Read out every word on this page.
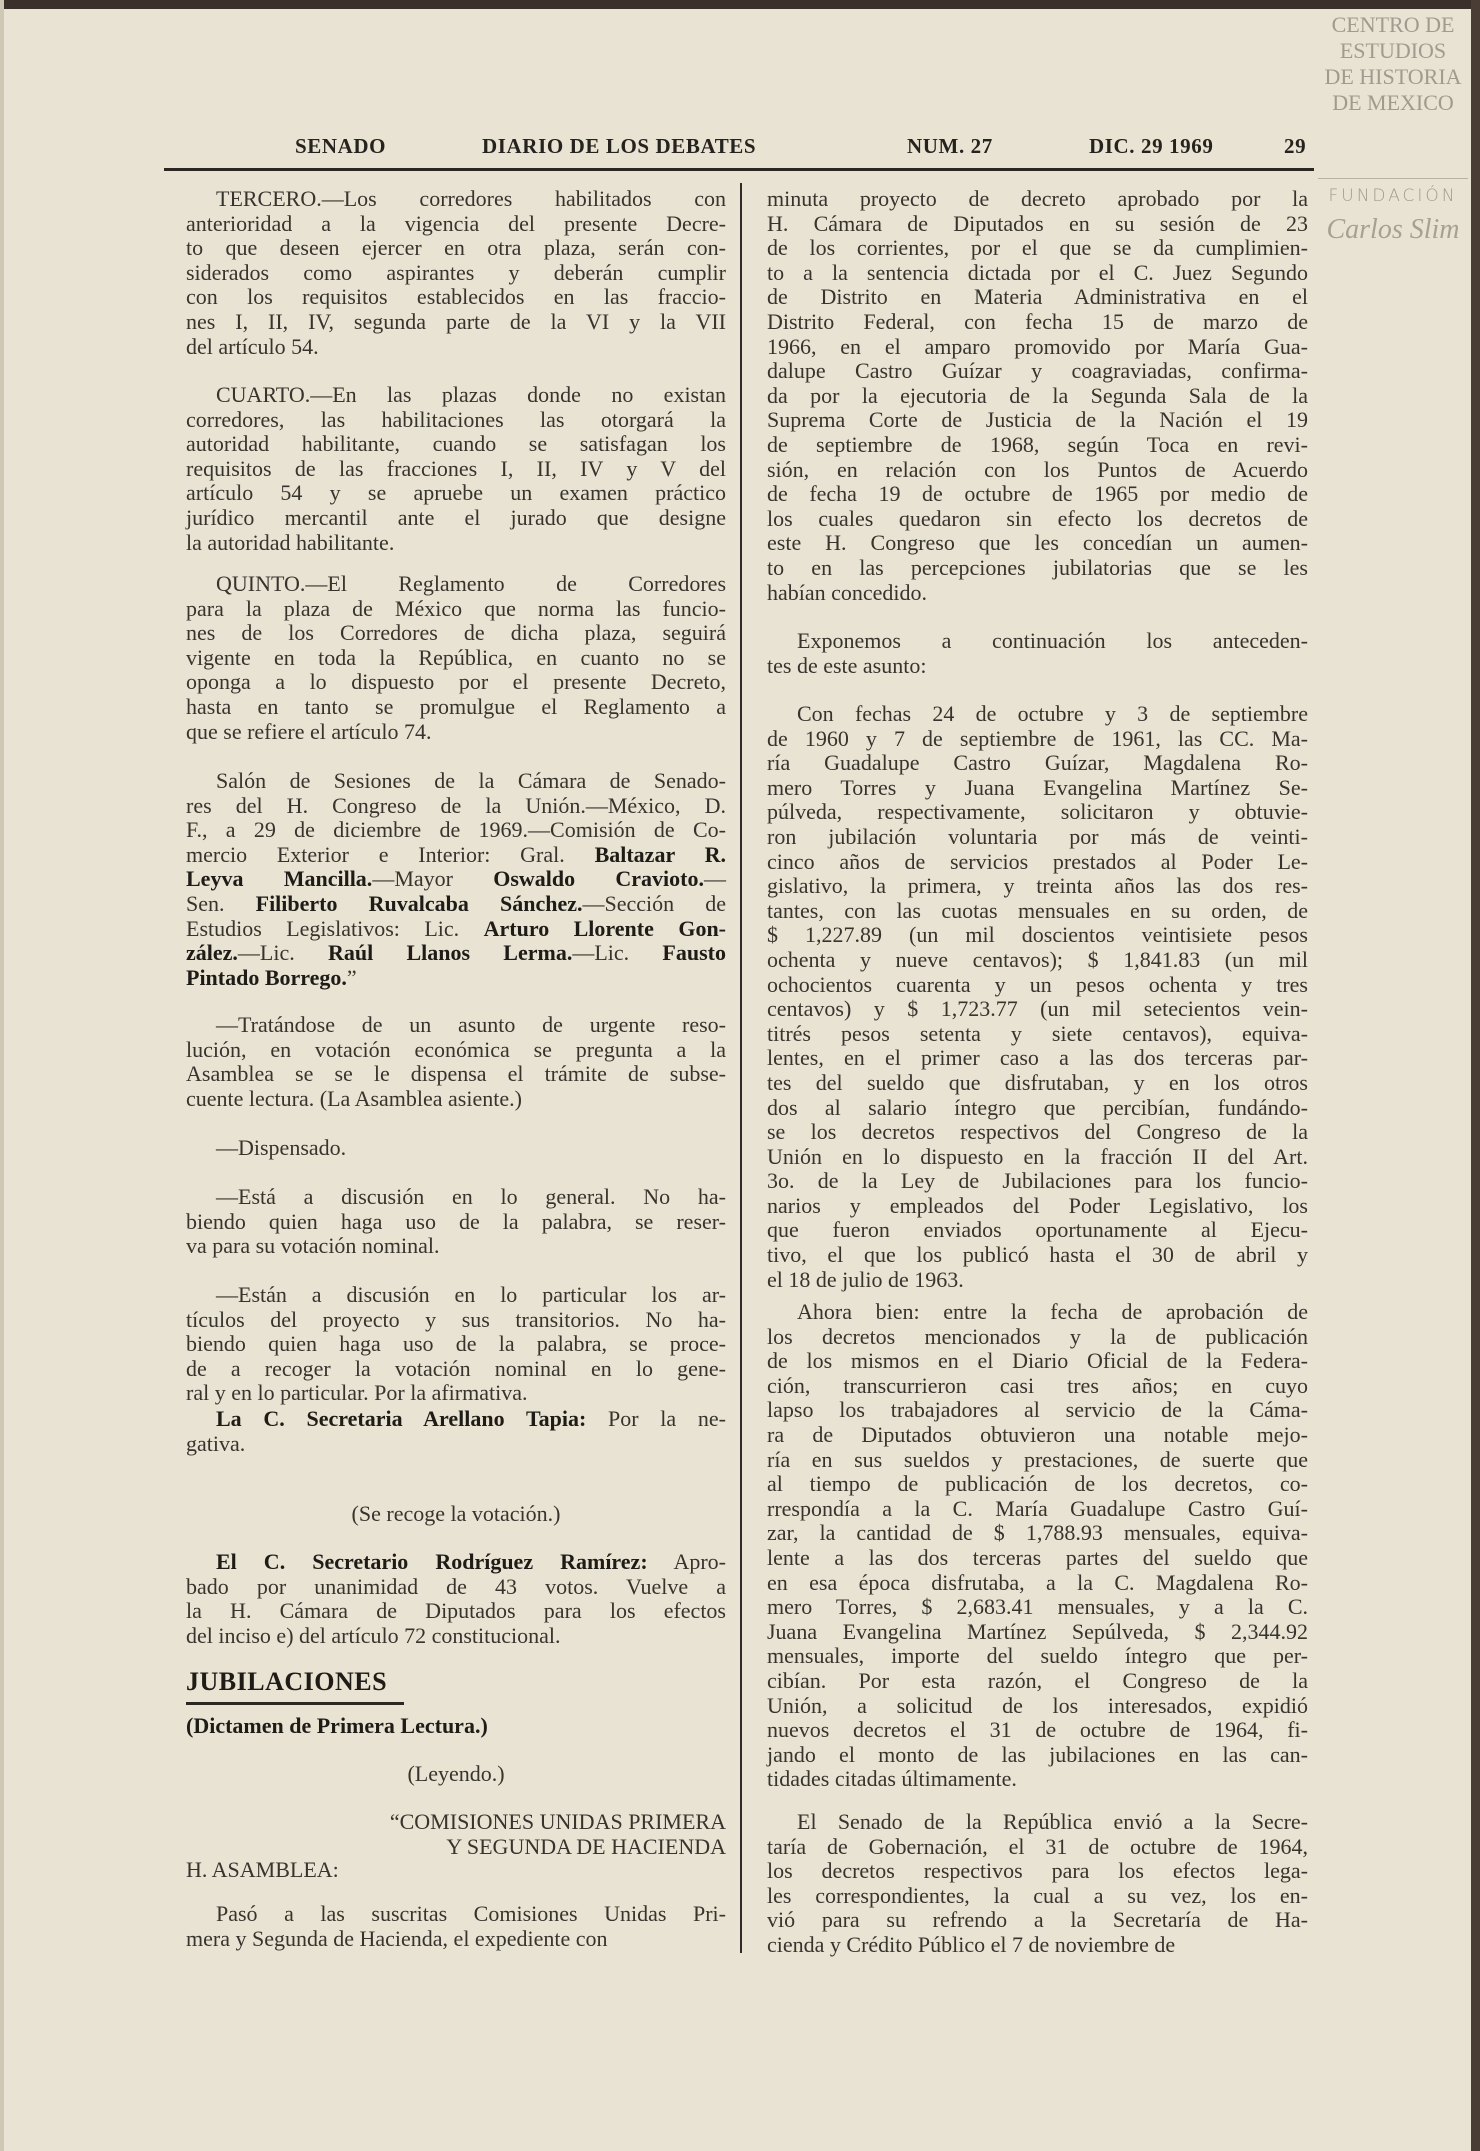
CENTRO DE
ESTUDIOS
DE HISTORIA
DE MEXICO
FUNDACIÓN
Carlos Slim
SENADO	DIARIO DE LOS DEBATES	NUM. 27	DIC. 29 1969	29
TERCERO.—Los corredores habilitados con
anterioridad a la vigencia del presente Decre-
to que deseen ejercer en otra plaza, serán con-
siderados como aspirantes y deberán cumplir
con los requisitos establecidos en las fraccio-
nes I, II, IV, segunda parte de la VI y la VII
del artículo 54.
CUARTO.—En las plazas donde no existan
corredores, las habilitaciones las otorgará la
autoridad habilitante, cuando se satisfagan los
requisitos de las fracciones I, II, IV y V del
artículo 54 y se apruebe un examen práctico
jurídico mercantil ante el jurado que designe
la autoridad habilitante.
QUINTO.—El Reglamento de Corredores
para la plaza de México que norma las funcio-
nes de los Corredores de dicha plaza, seguirá
vigente en toda la República, en cuanto no se
oponga a lo dispuesto por el presente Decreto,
hasta en tanto se promulgue el Reglamento a
que se refiere el artículo 74.
Salón de Sesiones de la Cámara de Senado-
res del H. Congreso de la Unión.—México, D.
F., a 29 de diciembre de 1969.—Comisión de Co-
mercio Exterior e Interior: Gral. Baltazar R.
Leyva Mancilla.—Mayor Oswaldo Cravioto.—
Sen. Filiberto Ruvalcaba Sánchez.—Sección de
Estudios Legislativos: Lic. Arturo Llorente Gon-
zález.—Lic. Raúl Llanos Lerma.—Lic. Fausto
Pintado Borrego.”
—Tratándose de un asunto de urgente reso-
lución, en votación económica se pregunta a la
Asamblea se se le dispensa el trámite de subse-
cuente lectura. (La Asamblea asiente.)
—Dispensado.
—Está a discusión en lo general. No ha-
biendo quien haga uso de la palabra, se reser-
va para su votación nominal.
—Están a discusión en lo particular los ar-
tículos del proyecto y sus transitorios. No ha-
biendo quien haga uso de la palabra, se proce-
de a recoger la votación nominal en lo gene-
ral y en lo particular. Por la afirmativa.
La C. Secretaria Arellano Tapia: Por la ne-
gativa.
(Se recoge la votación.)
El C. Secretario Rodríguez Ramírez: Apro-
bado por unanimidad de 43 votos. Vuelve a
la H. Cámara de Diputados para los efectos
del inciso e) del artículo 72 constitucional.
JUBILACIONES
(Dictamen de Primera Lectura.)
(Leyendo.)
“COMISIONES UNIDAS PRIMERA
Y SEGUNDA DE HACIENDA
H. ASAMBLEA:
Pasó a las suscritas Comisiones Unidas Pri-
mera y Segunda de Hacienda, el expediente con
minuta proyecto de decreto aprobado por la
H. Cámara de Diputados en su sesión de 23
de los corrientes, por el que se da cumplimien-
to a la sentencia dictada por el C. Juez Segundo
de Distrito en Materia Administrativa en el
Distrito Federal, con fecha 15 de marzo de
1966, en el amparo promovido por María Gua-
dalupe Castro Guízar y coagraviadas, confirma-
da por la ejecutoria de la Segunda Sala de la
Suprema Corte de Justicia de la Nación el 19
de septiembre de 1968, según Toca en revi-
sión, en relación con los Puntos de Acuerdo
de fecha 19 de octubre de 1965 por medio de
los cuales quedaron sin efecto los decretos de
este H. Congreso que les concedían un aumen-
to en las percepciones jubilatorias que se les
habían concedido.
Exponemos a continuación los anteceden-
tes de este asunto:
Con fechas 24 de octubre y 3 de septiembre
de 1960 y 7 de septiembre de 1961, las CC. Ma-
ría Guadalupe Castro Guízar, Magdalena Ro-
mero Torres y Juana Evangelina Martínez Se-
púlveda, respectivamente, solicitaron y obtuvie-
ron jubilación voluntaria por más de veinti-
cinco años de servicios prestados al Poder Le-
gislativo, la primera, y treinta años las dos res-
tantes, con las cuotas mensuales en su orden, de
$ 1,227.89 (un mil doscientos veintisiete pesos
ochenta y nueve centavos); $ 1,841.83 (un mil
ochocientos cuarenta y un pesos ochenta y tres
centavos) y $ 1,723.77 (un mil setecientos vein-
titrés pesos setenta y siete centavos), equiva-
lentes, en el primer caso a las dos terceras par-
tes del sueldo que disfrutaban, y en los otros
dos al salario íntegro que percibían, fundándo-
se los decretos respectivos del Congreso de la
Unión en lo dispuesto en la fracción II del Art.
3o. de la Ley de Jubilaciones para los funcio-
narios y empleados del Poder Legislativo, los
que fueron enviados oportunamente al Ejecu-
tivo, el que los publicó hasta el 30 de abril y
el 18 de julio de 1963.
Ahora bien: entre la fecha de aprobación de
los decretos mencionados y la de publicación
de los mismos en el Diario Oficial de la Federa-
ción, transcurrieron casi tres años; en cuyo
lapso los trabajadores al servicio de la Cáma-
ra de Diputados obtuvieron una notable mejo-
ría en sus sueldos y prestaciones, de suerte que
al tiempo de publicación de los decretos, co-
rrespondía a la C. María Guadalupe Castro Guí-
zar, la cantidad de $ 1,788.93 mensuales, equiva-
lente a las dos terceras partes del sueldo que
en esa época disfrutaba, a la C. Magdalena Ro-
mero Torres, $ 2,683.41 mensuales, y a la C.
Juana Evangelina Martínez Sepúlveda, $ 2,344.92
mensuales, importe del sueldo íntegro que per-
cibían. Por esta razón, el Congreso de la
Unión, a solicitud de los interesados, expidió
nuevos decretos el 31 de octubre de 1964, fi-
jando el monto de las jubilaciones en las can-
tidades citadas últimamente.
El Senado de la República envió a la Secre-
taría de Gobernación, el 31 de octubre de 1964,
los decretos respectivos para los efectos lega-
les correspondientes, la cual a su vez, los en-
vió para su refrendo a la Secretaría de Ha-
cienda y Crédito Público el 7 de noviembre de
